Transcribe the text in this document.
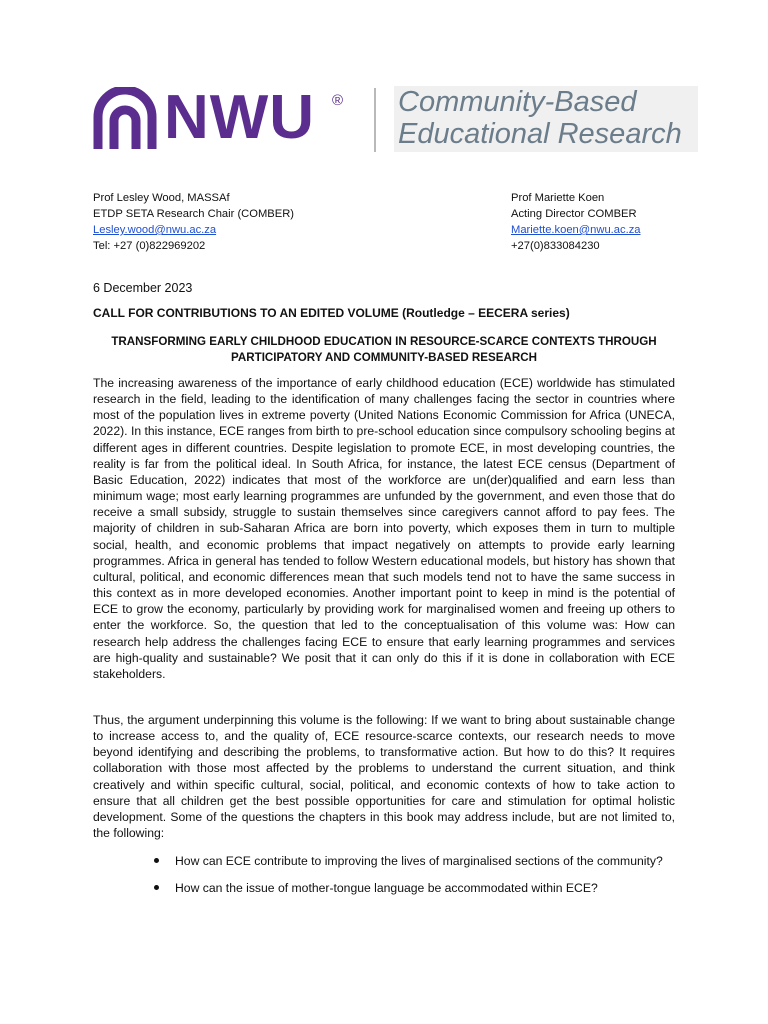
NWU ® Community-Based
Educational Research
Prof Lesley Wood, MASSAf
ETDP SETA Research Chair (COMBER)
Lesley.wood@nwu.ac.za
Tel: +27 (0)822969202
Prof Mariette Koen
Acting Director COMBER
Mariette.koen@nwu.ac.za
+27(0)833084230
6 December 2023
CALL FOR CONTRIBUTIONS TO AN EDITED VOLUME (Routledge – EECERA series)
TRANSFORMING EARLY CHILDHOOD EDUCATION IN RESOURCE-SCARCE CONTEXTS THROUGH PARTICIPATORY AND COMMUNITY-BASED RESEARCH
The increasing awareness of the importance of early childhood education (ECE) worldwide has stimulated research in the field, leading to the identification of many challenges facing the sector in countries where most of the population lives in extreme poverty (United Nations Economic Commission for Africa (UNECA, 2022). In this instance, ECE ranges from birth to pre-school education since compulsory schooling begins at different ages in different countries. Despite legislation to promote ECE, in most developing countries, the reality is far from the political ideal. In South Africa, for instance, the latest ECE census (Department of Basic Education, 2022) indicates that most of the workforce are un(der)qualified and earn less than minimum wage; most early learning programmes are unfunded by the government, and even those that do receive a small subsidy, struggle to sustain themselves since caregivers cannot afford to pay fees. The majority of children in sub-Saharan Africa are born into poverty, which exposes them in turn to multiple social, health, and economic problems that impact negatively on attempts to provide early learning programmes. Africa in general has tended to follow Western educational models, but history has shown that cultural, political, and economic differences mean that such models tend not to have the same success in this context as in more developed economies. Another important point to keep in mind is the potential of ECE to grow the economy, particularly by providing work for marginalised women and freeing up others to enter the workforce. So, the question that led to the conceptualisation of this volume was: How can research help address the challenges facing ECE to ensure that early learning programmes and services are high-quality and sustainable? We posit that it can only do this if it is done in collaboration with ECE stakeholders.
Thus, the argument underpinning this volume is the following: If we want to bring about sustainable change to increase access to, and the quality of, ECE resource-scarce contexts, our research needs to move beyond identifying and describing the problems, to transformative action. But how to do this? It requires collaboration with those most affected by the problems to understand the current situation, and think creatively and within specific cultural, social, political, and economic contexts of how to take action to ensure that all children get the best possible opportunities for care and stimulation for optimal holistic development. Some of the questions the chapters in this book may address include, but are not limited to, the following:
How can ECE contribute to improving the lives of marginalised sections of the community?
How can the issue of mother-tongue language be accommodated within ECE?
